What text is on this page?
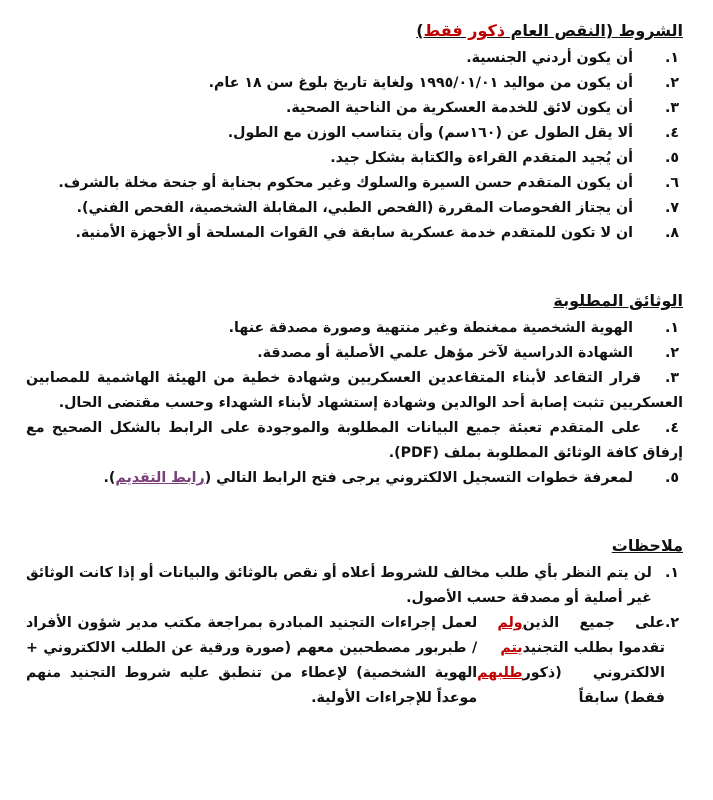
الشروط (النقص العام ذكور فقط)
١.
أن يكون أردني الجنسية.
٢.
أن يكون من مواليد ١٩٩٥/٠١/٠١ ولغاية تاريخ بلوغ سن ١٨ عام.
٣.
أن يكون لائق للخدمة العسكرية من الناحية الصحية.
٤.
ألا يقل الطول عن (١٦٠سم) وأن يتناسب الوزن مع الطول.
٥.
أن يُجيد المتقدم القراءة والكتابة بشكل جيد.
٦.
أن يكون المتقدم حسن السيرة والسلوك وغير محكوم بجناية أو جنحة مخلة بالشرف.
٧.
أن يجتاز الفحوصات المقررة (الفحص الطبي، المقابلة الشخصية، الفحص الفني).
٨.
ان لا تكون للمتقدم خدمة عسكرية سابقة في القوات المسلحة أو الأجهزة الأمنية.
الوثائق المطلوبة
١.
الهوية الشخصية ممغنطة وغير منتهية وصورة مصدقة عنها.
٢.
الشهادة الدراسية لآخر مؤهل علمي الأصلية أو مصدقة.
٣.قرار التقاعد لأبناء المتقاعدين العسكريين وشهادة خطية من الهيئة الهاشمية للمصابين العسكريين تثبت إصابة أحد الوالدين وشهادة إستشهاد لأبناء الشهداء وحسب مقتضى الحال.
٤.على المتقدم تعبئة جميع البيانات المطلوبة والموجودة على الرابط بالشكل الصحيح مع إرفاق كافة الوثائق المطلوبة بملف (PDF).
٥.
لمعرفة خطوات التسجيل الالكتروني يرجى فتح الرابط التالي (رابط التقديم).
ملاحظات
١.
لن يتم النظر بأي طلب مخالف للشروط أعلاه أو نقص بالوثائق والبيانات أو إذا كانت الوثائق غير أصلية أو مصدقة حسب الأصول.
٢.
على جميع الذين تقدموا بطلب التجنيد الالكتروني (ذكور فقط) سابقاً
ولم يتم طلبهم
لعمل إجراءات التجنيد المبادرة بمراجعة مكتب مدير شؤون الأفراد / طبربور مصطحبين معهم (صورة ورقية عن الطلب الالكتروني + الهوية الشخصية) لإعطاء من تنطبق عليه شروط التجنيد منهم موعداً للإجراءات الأولية.
